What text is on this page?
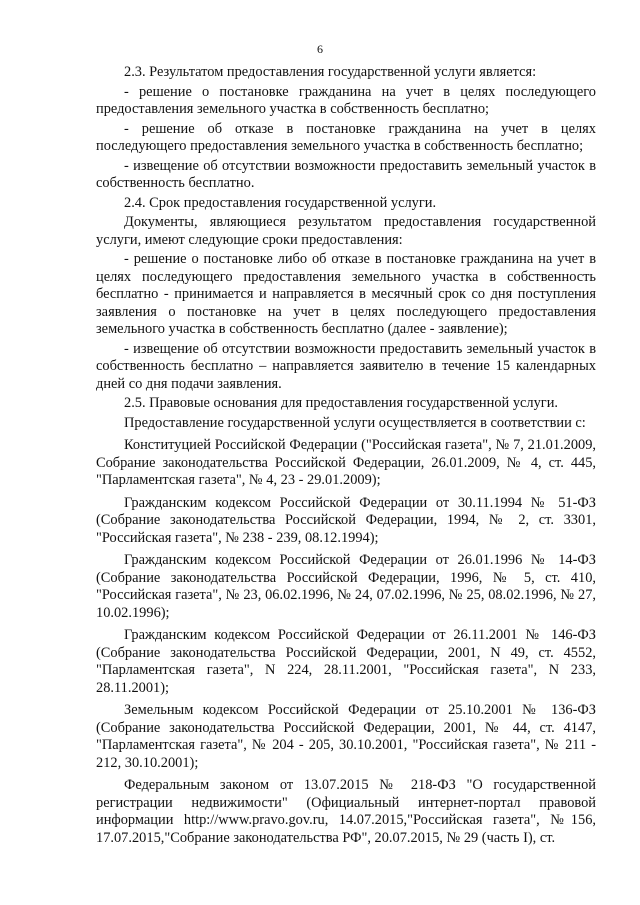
6

2.3. Результатом предоставления государственной услуги является:

- решение о постановке гражданина на учет в целях последующего предоставления земельного участка в собственность бесплатно;

- решение об отказе в постановке гражданина на учет в целях последующего предоставления земельного участка в собственность бесплатно;

- извещение об отсутствии возможности предоставить земельный участок в собственность бесплатно.

2.4. Срок предоставления государственной услуги.

Документы, являющиеся результатом предоставления государственной услуги, имеют следующие сроки предоставления:

- решение о постановке либо об отказе в постановке гражданина на учет в целях последующего предоставления земельного участка в собственность бесплатно - принимается и направляется в месячный срок со дня поступления заявления о постановке на учет в целях последующего предоставления земельного участка в собственность бесплатно (далее - заявление);

- извещение об отсутствии возможности предоставить земельный участок в собственность бесплатно – направляется заявителю в течение 15 календарных дней со дня подачи заявления.

2.5. Правовые основания для предоставления государственной услуги.

Предоставление государственной услуги осуществляется в соответствии с:

Конституцией Российской Федерации ("Российская газета", № 7, 21.01.2009, Собрание законодательства Российской Федерации, 26.01.2009, № 4, ст. 445, "Парламентская газета", № 4, 23 - 29.01.2009);

Гражданским кодексом Российской Федерации от 30.11.1994 № 51-ФЗ (Собрание законодательства Российской Федерации, 1994, № 2, ст. 3301, "Российская газета", № 238 - 239, 08.12.1994);

Гражданским кодексом Российской Федерации от 26.01.1996 № 14-ФЗ (Собрание законодательства Российской Федерации, 1996, № 5, ст. 410, "Российская газета", № 23, 06.02.1996, № 24, 07.02.1996, № 25, 08.02.1996, № 27, 10.02.1996);

Гражданским кодексом Российской Федерации от 26.11.2001 № 146-ФЗ (Собрание законодательства Российской Федерации, 2001, N 49, ст. 4552, "Парламентская газета", N 224, 28.11.2001, "Российская газета", N 233, 28.11.2001);

Земельным кодексом Российской Федерации от 25.10.2001 № 136-ФЗ (Собрание законодательства Российской Федерации, 2001, № 44, ст. 4147, "Парламентская газета", № 204 - 205, 30.10.2001, "Российская газета", № 211 - 212, 30.10.2001);

Федеральным законом от 13.07.2015 № 218-ФЗ "О государственной регистрации недвижимости" (Официальный интернет-портал правовой информации http://www.pravo.gov.ru, 14.07.2015,"Российская газета", №156, 17.07.2015,"Собрание законодательства РФ", 20.07.2015, № 29 (часть I), ст.
